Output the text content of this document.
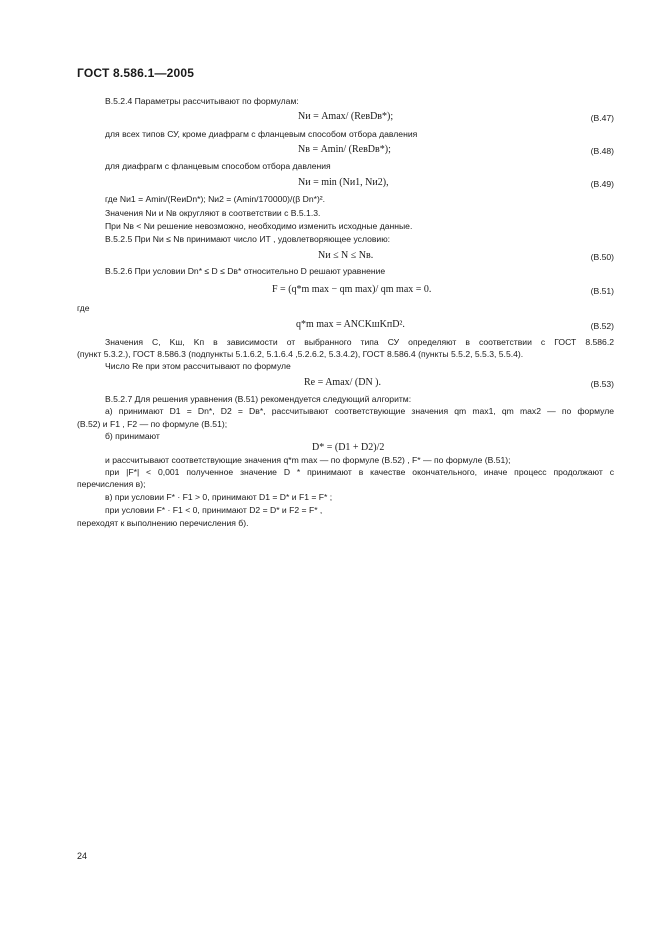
ГОСТ 8.586.1—2005
В.5.2.4 Параметры рассчитывают по формулам:
Nи = Amax/ (ReвDв*);	(В.47)
для всех типов СУ, кроме диафрагм с фланцевым способом отбора давления
Nв = Amin/ (ReвDв*);	(В.48)
для диафрагм с фланцевым способом отбора давления
Nи = min (Nи1, Nи2),	(В.49)
где Nи1 = Amin/(ReиDn*); Nи2 = (Amin/170000)/(β Dn*)².
Значения Nи и Nв округляют в соответствии с В.5.1.3.
При Nв < Nи решение невозможно, необходимо изменить исходные данные.
В.5.2.5 При Nи ≤ Nв принимают число ИТ , удовлетворяющее условию:
Nи ≤ N ≤ Nв.	(В.50)
В.5.2.6 При условии Dn* ≤ D ≤ Dв* относительно D решают уравнение
F = (q*m max − qm max)/ qm max = 0.	(В.51)
где
q*m max = ANCKшKпD².	(В.52)
Значения C, Kш, Kп в зависимости от выбранного типа СУ определяют в соответствии с ГОСТ 8.586.2
(пункт 5.3.2.), ГОСТ 8.586.3 (подпункты 5.1.6.2, 5.1.6.4 ,5.2.6.2, 5.3.4.2), ГОСТ 8.586.4 (пункты 5.5.2, 5.5.3, 5.5.4).
Число Re при этом рассчитывают по формуле
Re = Amax/ (DN ).	(В.53)
В.5.2.7 Для решения уравнения (В.51) рекомендуется следующий алгоритм:
а) принимают D1 = Dn*, D2 = Dв*, рассчитывают соответствующие значения qm max1, qm max2 — по формуле
(В.52) и F1 , F2 — по формуле (В.51);
б) принимают
D* = (D1 + D2)/2
и рассчитывают соответствующие значения q*m max — по формуле (В.52) , F* — по формуле (В.51);
при |F*| < 0,001 полученное значение D * принимают в качестве окончательного, иначе процесс продолжают с
перечисления в);
в) при условии F* · F1 > 0, принимают D1 = D* и F1 = F* ;
при условии F* · F1 < 0, принимают D2 = D* и F2 = F* ,
переходят к выполнению перечисления б).
24
